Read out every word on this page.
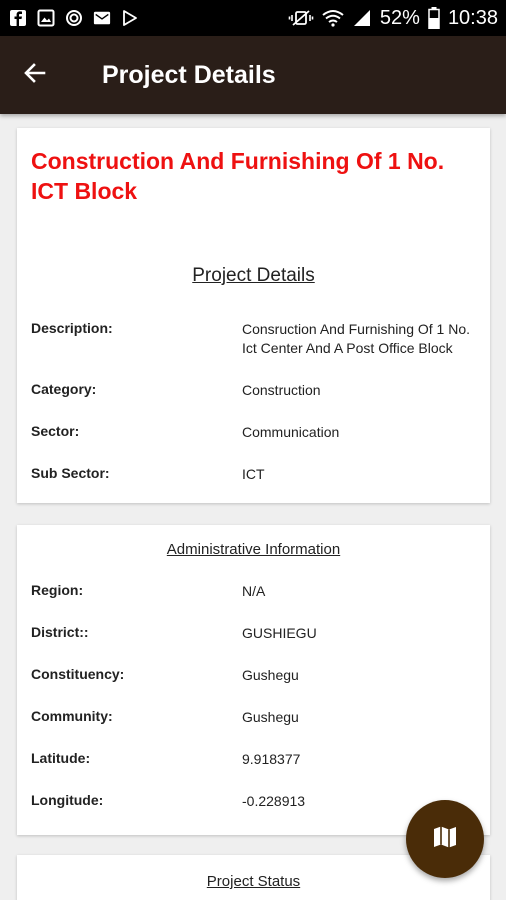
52% 10:38
Project Details
Construction And Furnishing Of 1 No. ICT Block
Project Details
Description:	Consruction And Furnishing Of 1 No. Ict Center And A Post Office Block
Category:	Construction
Sector:	Communication
Sub Sector:	ICT
Administrative Information
Region:	N/A
District::	GUSHIEGU
Constituency:	Gushegu
Community:	Gushegu
Latitude:	9.918377
Longitude:	-0.228913
Project Status
